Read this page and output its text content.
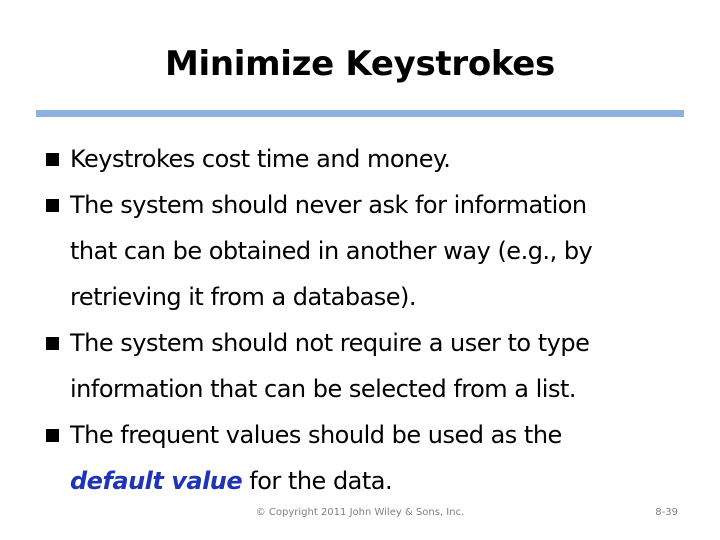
Minimize Keystrokes
Keystrokes cost time and money.
The system should never ask for information
that can be obtained in another way (e.g., by
retrieving it from a database).
The system should not require a user to type
information that can be selected from a list.
The frequent values should be used as the
default value for the data.
© Copyright 2011 John Wiley & Sons, Inc.	8-39
